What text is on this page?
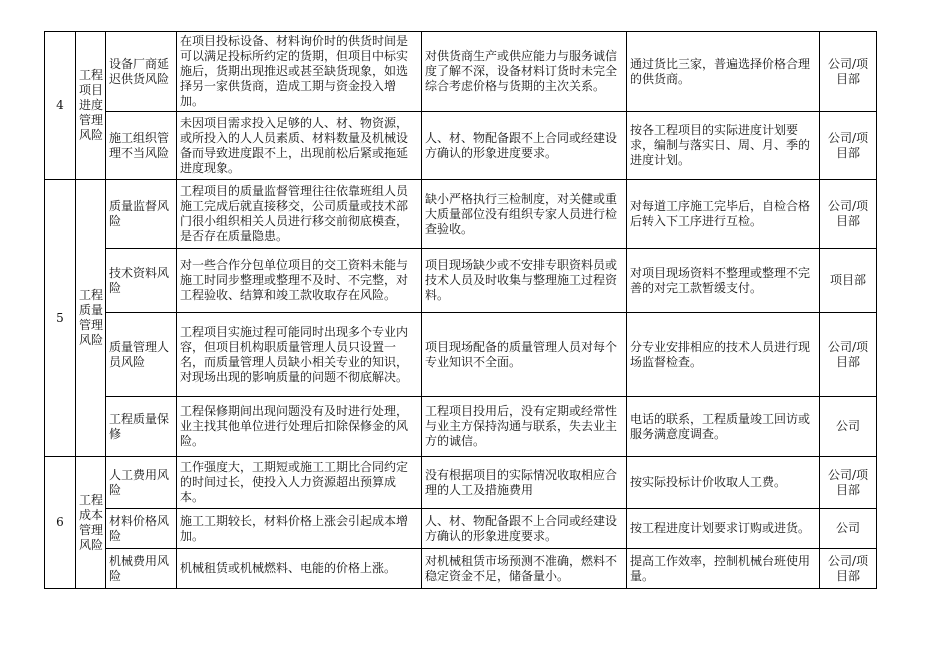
4	工程项目进度管理风险	设备厂商延迟供货风险	在项目投标设备、材料询价时的供货时间是可以满足投标所约定的货期，但项目中标实施后，货期出现推迟或甚至缺货现象，如选择另一家供货商，造成工期与资金投入增加。	对供货商生产或供应能力与服务诚信度了解不深，设备材料订货时未完全综合考虑价格与货期的主次关系。	通过货比三家，普遍选择价格合理的供货商。	公司/项目部
		施工组织管理不当风险	未因项目需求投入足够的人、材、物资源，或所投入的人人员素质、材料数量及机械设备而导致进度跟不上，出现前松后紧或拖延进度现象。	人、材、物配备跟不上合同或经建设方确认的形象进度要求。	按各工程项目的实际进度计划要求，编制与落实日、周、月、季的进度计划。	公司/项目部
5	工程质量管理风险	质量监督风险	工程项目的质量监督管理往往依靠班组人员施工完成后就直接移交，公司质量或技术部门很小组织相关人员进行移交前彻底模查，是否存在质量隐患。	缺小严格执行三检制度，对关健或重大质量部位没有组织专家人员进行检查验收。	对每道工序施工完毕后，自检合格后转入下工序进行互检。	公司/项目部
		技术资料风险	对一些合作分包单位项目的交工资料未能与施工时同步整理或整理不及时、不完整，对工程验收、结算和竣工款收取存在风险。	项目现场缺少或不安排专职资料员或技术人员及时收集与整理施工过程资料。	对项目现场资料不整理或整理不完善的对完工款暂缓支付。	项目部
		质量管理人员风险	工程项目实施过程可能同时出现多个专业内容，但项目机构职质量管理人员只设置一名，而质量管理人员缺小相关专业的知识，对现场出现的影响质量的问题不彻底解决。	项目现场配备的质量管理人员对每个专业知识不全面。	分专业安排相应的技术人员进行现场监督检查。	公司/项目部
		工程质量保修	工程保修期间出现问题没有及时进行处理，业主找其他单位进行处理后扣除保修金的风险。	工程项目投用后，没有定期或经常性与业主方保持沟通与联系，失去业主方的诚信。	电话的联系，工程质量竣工回访或服务满意度调查。	公司
6	工程成本管理风险	人工费用风险	工作强度大，工期短或施工工期比合同约定的时间过长，使投入人力资源超出预算成本。	没有根据项目的实际情况收取相应合理的人工及措施费用	按实际投标计价收取人工费。	公司/项目部
		材料价格风险	施工工期较长，材料价格上涨会引起成本增加。	人、材、物配备跟不上合同或经建设方确认的形象进度要求。	按工程进度计划要求订购或进货。	公司
		机械费用风险	机械租赁或机械燃料、电能的价格上涨。	对机械租赁市场预测不准确，燃料不稳定资金不足，储备量小。	提高工作效率，控制机械台班使用量。	公司/项目部
